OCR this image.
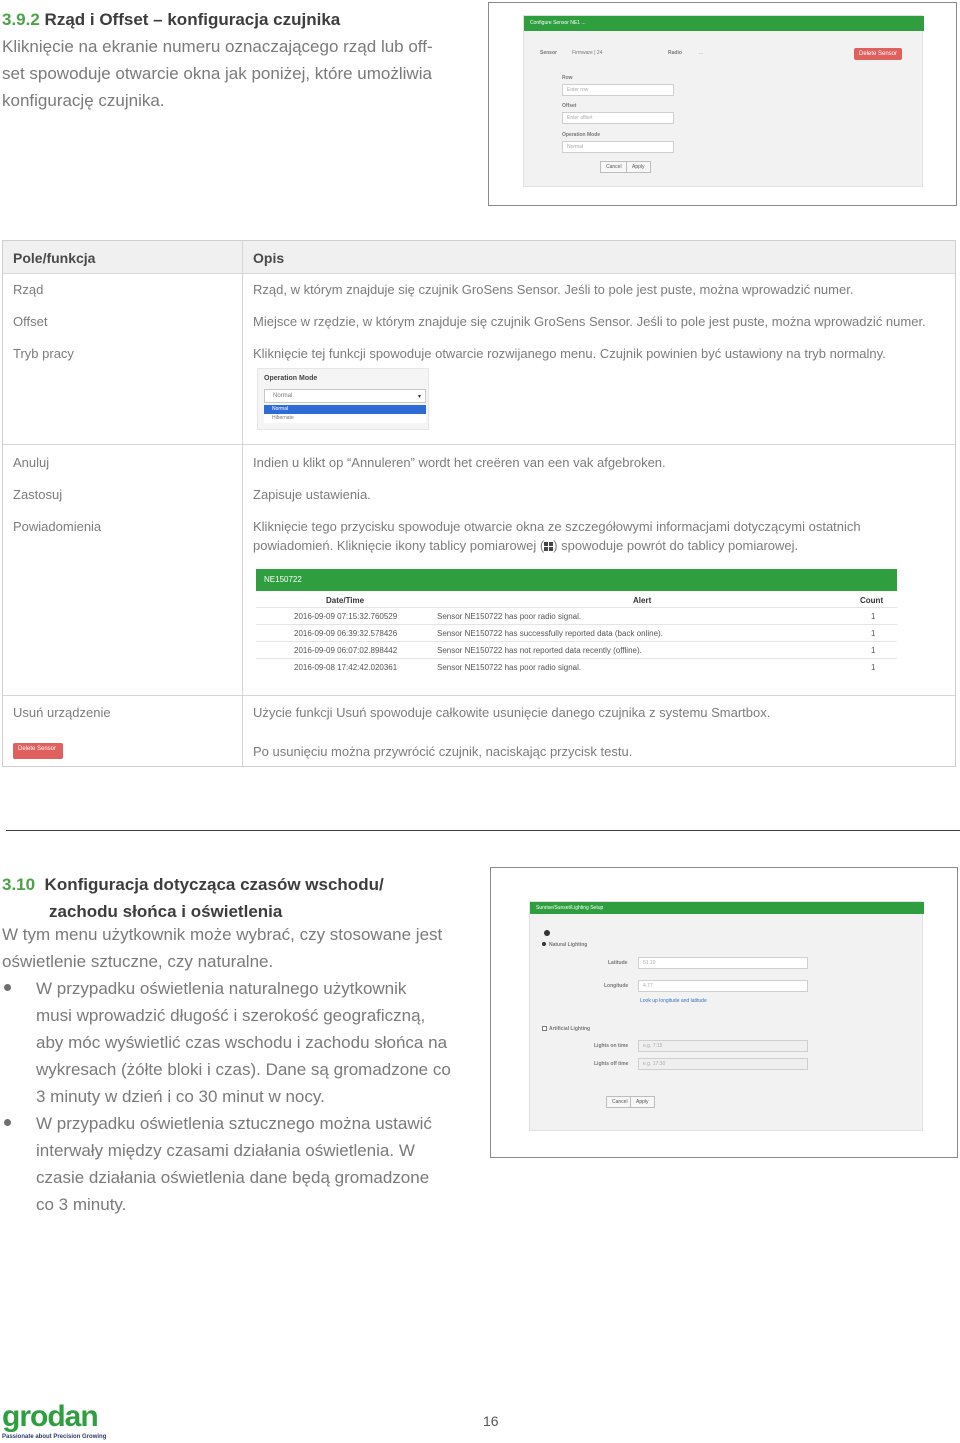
3.9.2 Rząd i Offset – konfiguracja czujnika
Kliknięcie na ekranie numeru oznaczającego rząd lub off-
set spowoduje otwarcie okna jak poniżej, które umożliwia
konfigurację czujnika.
Configure Sensor NE1 ...
Sensor	Firmware | 24	Radio	...	Delete Sensor
Row
Enter row
Offset
Enter offset
Operation Mode
Normal
Cancel	Apply
Pole/funkcja	Opis
Rząd	Rząd, w którym znajduje się czujnik GroSens Sensor. Jeśli to pole jest puste, można wprowadzić numer.
Offset	Miejsce w rzędzie, w którym znajduje się czujnik GroSens Sensor. Jeśli to pole jest puste, można wprowadzić numer.
Tryb pracy	Kliknięcie tej funkcji spowoduje otwarcie rozwijanego menu. Czujnik powinien być ustawiony na tryb normalny.
Anuluj	Indien u klikt op “Annuleren” wordt het creëren van een vak afgebroken.
Zastosuj	Zapisuje ustawienia.
Powiadomienia	Kliknięcie tego przycisku spowoduje otwarcie okna ze szczegółowymi informacjami dotyczącymi ostatnich
powiadomień. Kliknięcie ikony tablicy pomiarowej ( ) spowoduje powrót do tablicy pomiarowej.
Usuń urządzenie	Użycie funkcji Usuń spowoduje całkowite usunięcie danego czujnika z systemu Smartbox.
Delete Sensor	Po usunięciu można przywrócić czujnik, naciskając przycisk testu.
Operation Mode
Normal	▾
Normal
Hibernate
NE150722
Date/Time	Alert	Count
2016-09-09 07:15:32.760529	Sensor NE150722 has poor radio signal.	1
2016-09-09 06:39:32.578426	Sensor NE150722 has successfully reported data (back online).	1
2016-09-09 06:07:02.898442	Sensor NE150722 has not reported data recently (offline).	1
2016-09-08 17:42:42.020361	Sensor NE150722 has poor radio signal.	1
3.10 Konfiguracja dotycząca czasów wschodu/
zachodu słońca i oświetlenia
W tym menu użytkownik może wybrać, czy stosowane jest
oświetlenie sztuczne, czy naturalne.
W przypadku oświetlenia naturalnego użytkownik
musi wprowadzić długość i szerokość geograficzną,
aby móc wyświetlić czas wschodu i zachodu słońca na
wykresach (żółte bloki i czas). Dane są gromadzone co
3 minuty w dzień i co 30 minut w nocy.
W przypadku oświetlenia sztucznego można ustawić
interwały między czasami działania oświetlenia. W
czasie działania oświetlenia dane będą gromadzone
co 3 minuty.
Sunrise/Sunset/Lighting Setup
Natural Lighting
Latitude	51.10
Longitude	4.77
Look up longitude and latitude
Artificial Lighting
Lights on time	e.g. 7:15
Lights off time	e.g. 17:30
Cancel	Apply
grodan
Passionate about Precision Growing
16
